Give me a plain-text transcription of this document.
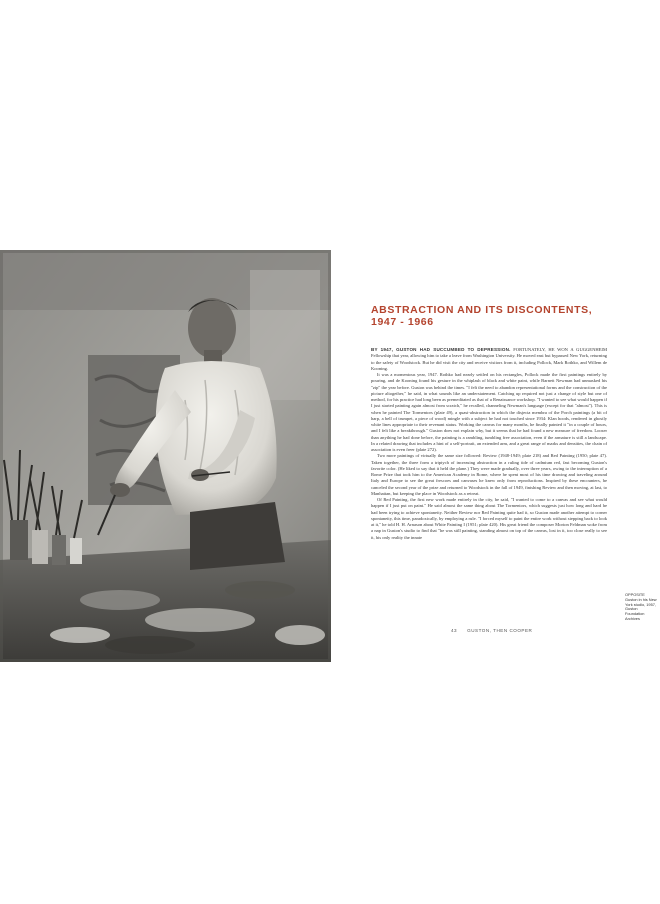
ABSTRACTION AND ITS DISCONTENTS, 1947 - 1966

BY 1947, GUSTON HAD SUCCUMBED TO DEPRESSION. FORTUNATELY, HE WON A GUGGENHEIM Fellowship that year, allowing him to take a leave from Washington University. He moved east but bypassed New York, returning to the safety of Woodstock. But he did visit the city and receive visitors from it, including Pollock, Mark Rothko, and Willem de Kooning.

It was a momentous year, 1947. Rothko had nearly settled on his rectangles, Pollock made the first paintings entirely by pouring, and de Kooning found his gesture in the whiplash of black and white paint, while Barnett Newman had unmasked his "zip" the year before. Guston was behind the times. "I felt the need to abandon representational forms and the construction of the picture altogether," he said, in what sounds like an understatement. Catching up required not just a change of style but one of method, for his practice had long been as premeditated as that of a Renaissance workshop. "I wanted to see what would happen if I just started painting again almost from scratch," he recalled, channeling Newman's language (except for that "almost"). This is when he painted The Tormentors (plate 49), a quasi-abstraction in which the disjecta membra of the Porch paintings (a bit of harp, a bell of trumpet, a piece of wood) mingle with a subject he had not touched since 1934: Klan hoods, rendered in ghostly white lines appropriate to their revenant status. Working the canvas for many months, he finally painted it "in a couple of hours, and I felt like a breakthrough." Guston does not explain why, but it seems that he had found a new measure of freedom. Looser than anything he had done before, the painting is a rambling, tumbling free association, even if the armature is still a landscape. In a related drawing that includes a hint of a self-portrait, an extended arm, and a great range of marks and densities, the chain of association is even freer (plate 272).

Two more paintings of virtually the same size followed: Review (1948-1949; plate 218) and Red Painting (1950; plate 47). Taken together, the three form a triptych of increasing abstraction in a ruling tide of cadmium red, fast becoming Guston's favorite color. (He liked to say that it held the plane.) They were made gradually, over three years, owing to the interruption of a Rome Prize that took him to the American Academy in Rome, where he spent most of his time drawing and traveling around Italy and Europe to see the great frescoes and canvases he knew only from reproductions. Inspired by these encounters, he canceled the second year of the prize and returned to Woodstock in the fall of 1949, finishing Review and then moving, at last, to Manhattan, but keeping the place in Woodstock as a retreat.

Of Red Painting, the first new work made entirely in the city, he said, "I wanted to come to a canvas and see what would happen if I just put on paint." He said almost the same thing about The Tormentors, which suggests just how long and hard he had been trying to achieve spontaneity. Neither Review nor Red Painting quite had it, so Guston made another attempt to corner spontaneity, this time, paradoxically, by employing a rule. "I forced myself to paint the entire work without stepping back to look at it," he told H. H. Arnason about White Painting I (1951; plate 420). His great friend the composer Morton Feldman woke from a nap in Guston's studio to find that "he was still painting, standing almost on top of the canvas, lost in it, too close really to see it, his only reality the innate

OPPOSITE Guston in his New York studio, 1957, Guston Foundation Archives
43 GUSTON, THEN COOPER
